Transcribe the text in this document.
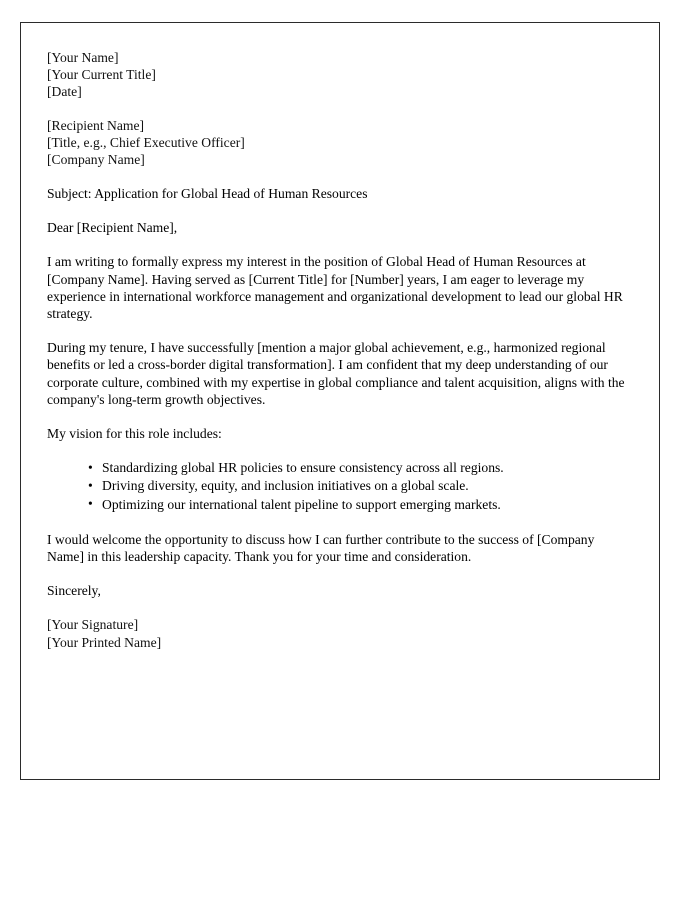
[Your Name]
[Your Current Title]
[Date]
[Recipient Name]
[Title, e.g., Chief Executive Officer]
[Company Name]
Subject: Application for Global Head of Human Resources
Dear [Recipient Name],
I am writing to formally express my interest in the position of Global Head of Human Resources at [Company Name]. Having served as [Current Title] for [Number] years, I am eager to leverage my experience in international workforce management and organizational development to lead our global HR strategy.
During my tenure, I have successfully [mention a major global achievement, e.g., harmonized regional benefits or led a cross-border digital transformation]. I am confident that my deep understanding of our corporate culture, combined with my expertise in global compliance and talent acquisition, aligns with the company's long-term growth objectives.
My vision for this role includes:
• Standardizing global HR policies to ensure consistency across all regions.
• Driving diversity, equity, and inclusion initiatives on a global scale.
• Optimizing our international talent pipeline to support emerging markets.
I would welcome the opportunity to discuss how I can further contribute to the success of [Company Name] in this leadership capacity. Thank you for your time and consideration.
Sincerely,
[Your Signature]
[Your Printed Name]
